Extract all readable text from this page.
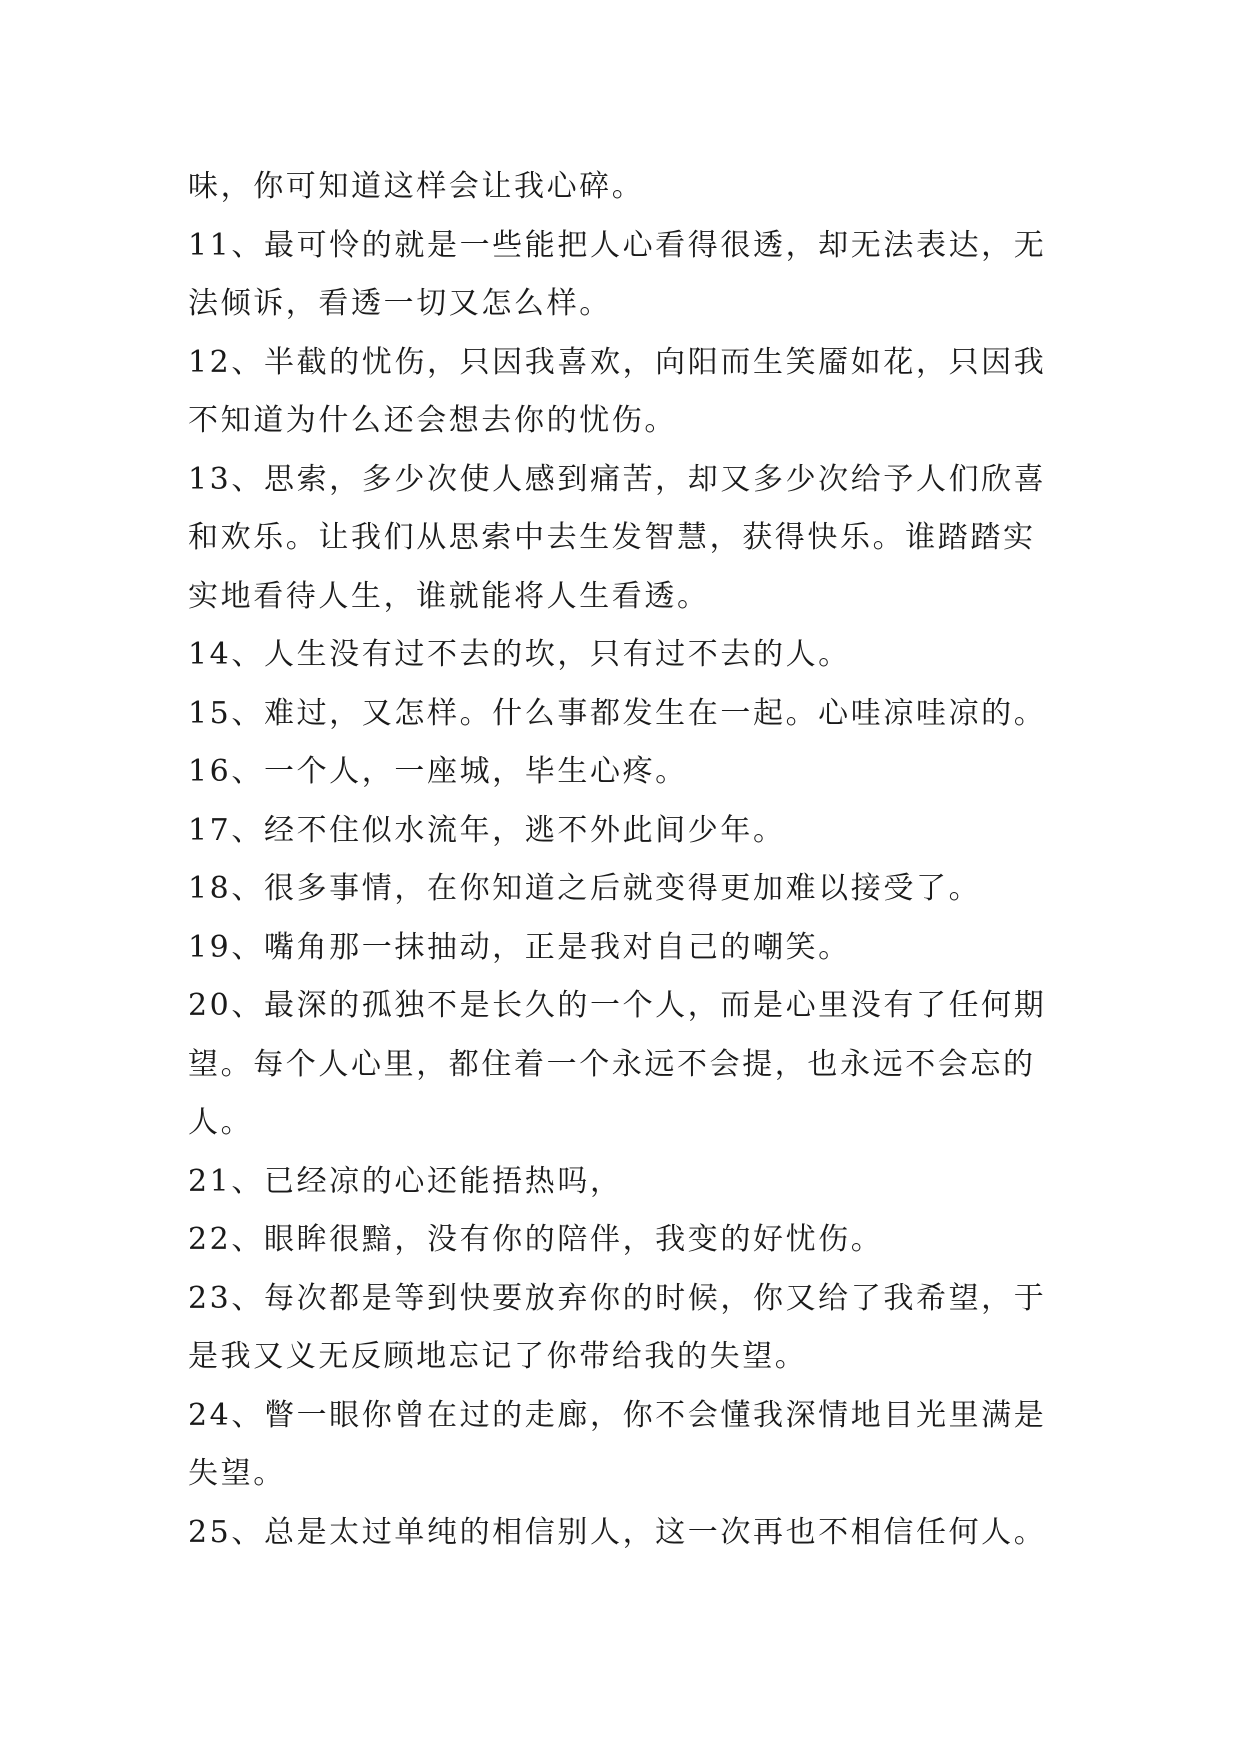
味，你可知道这样会让我心碎。
11、最可怜的就是一些能把人心看得很透，却无法表达，无
法倾诉，看透一切又怎么样。
12、半截的忧伤，只因我喜欢，向阳而生笑靥如花，只因我
不知道为什么还会想去你的忧伤。
13、思索，多少次使人感到痛苦，却又多少次给予人们欣喜
和欢乐。让我们从思索中去生发智慧，获得快乐。谁踏踏实
实地看待人生，谁就能将人生看透。
14、人生没有过不去的坎，只有过不去的人。
15、难过，又怎样。什么事都发生在一起。心哇凉哇凉的。
16、一个人，一座城，毕生心疼。
17、经不住似水流年，逃不外此间少年。
18、很多事情，在你知道之后就变得更加难以接受了。
19、嘴角那一抹抽动，正是我对自己的嘲笑。
20、最深的孤独不是长久的一个人，而是心里没有了任何期
望。每个人心里，都住着一个永远不会提，也永远不会忘的
人。
21、已经凉的心还能捂热吗，
22、眼眸很黯，没有你的陪伴，我变的好忧伤。
23、每次都是等到快要放弃你的时候，你又给了我希望，于
是我又义无反顾地忘记了你带给我的失望。
24、瞥一眼你曾在过的走廊，你不会懂我深情地目光里满是
失望。
25、总是太过单纯的相信别人，这一次再也不相信任何人。
